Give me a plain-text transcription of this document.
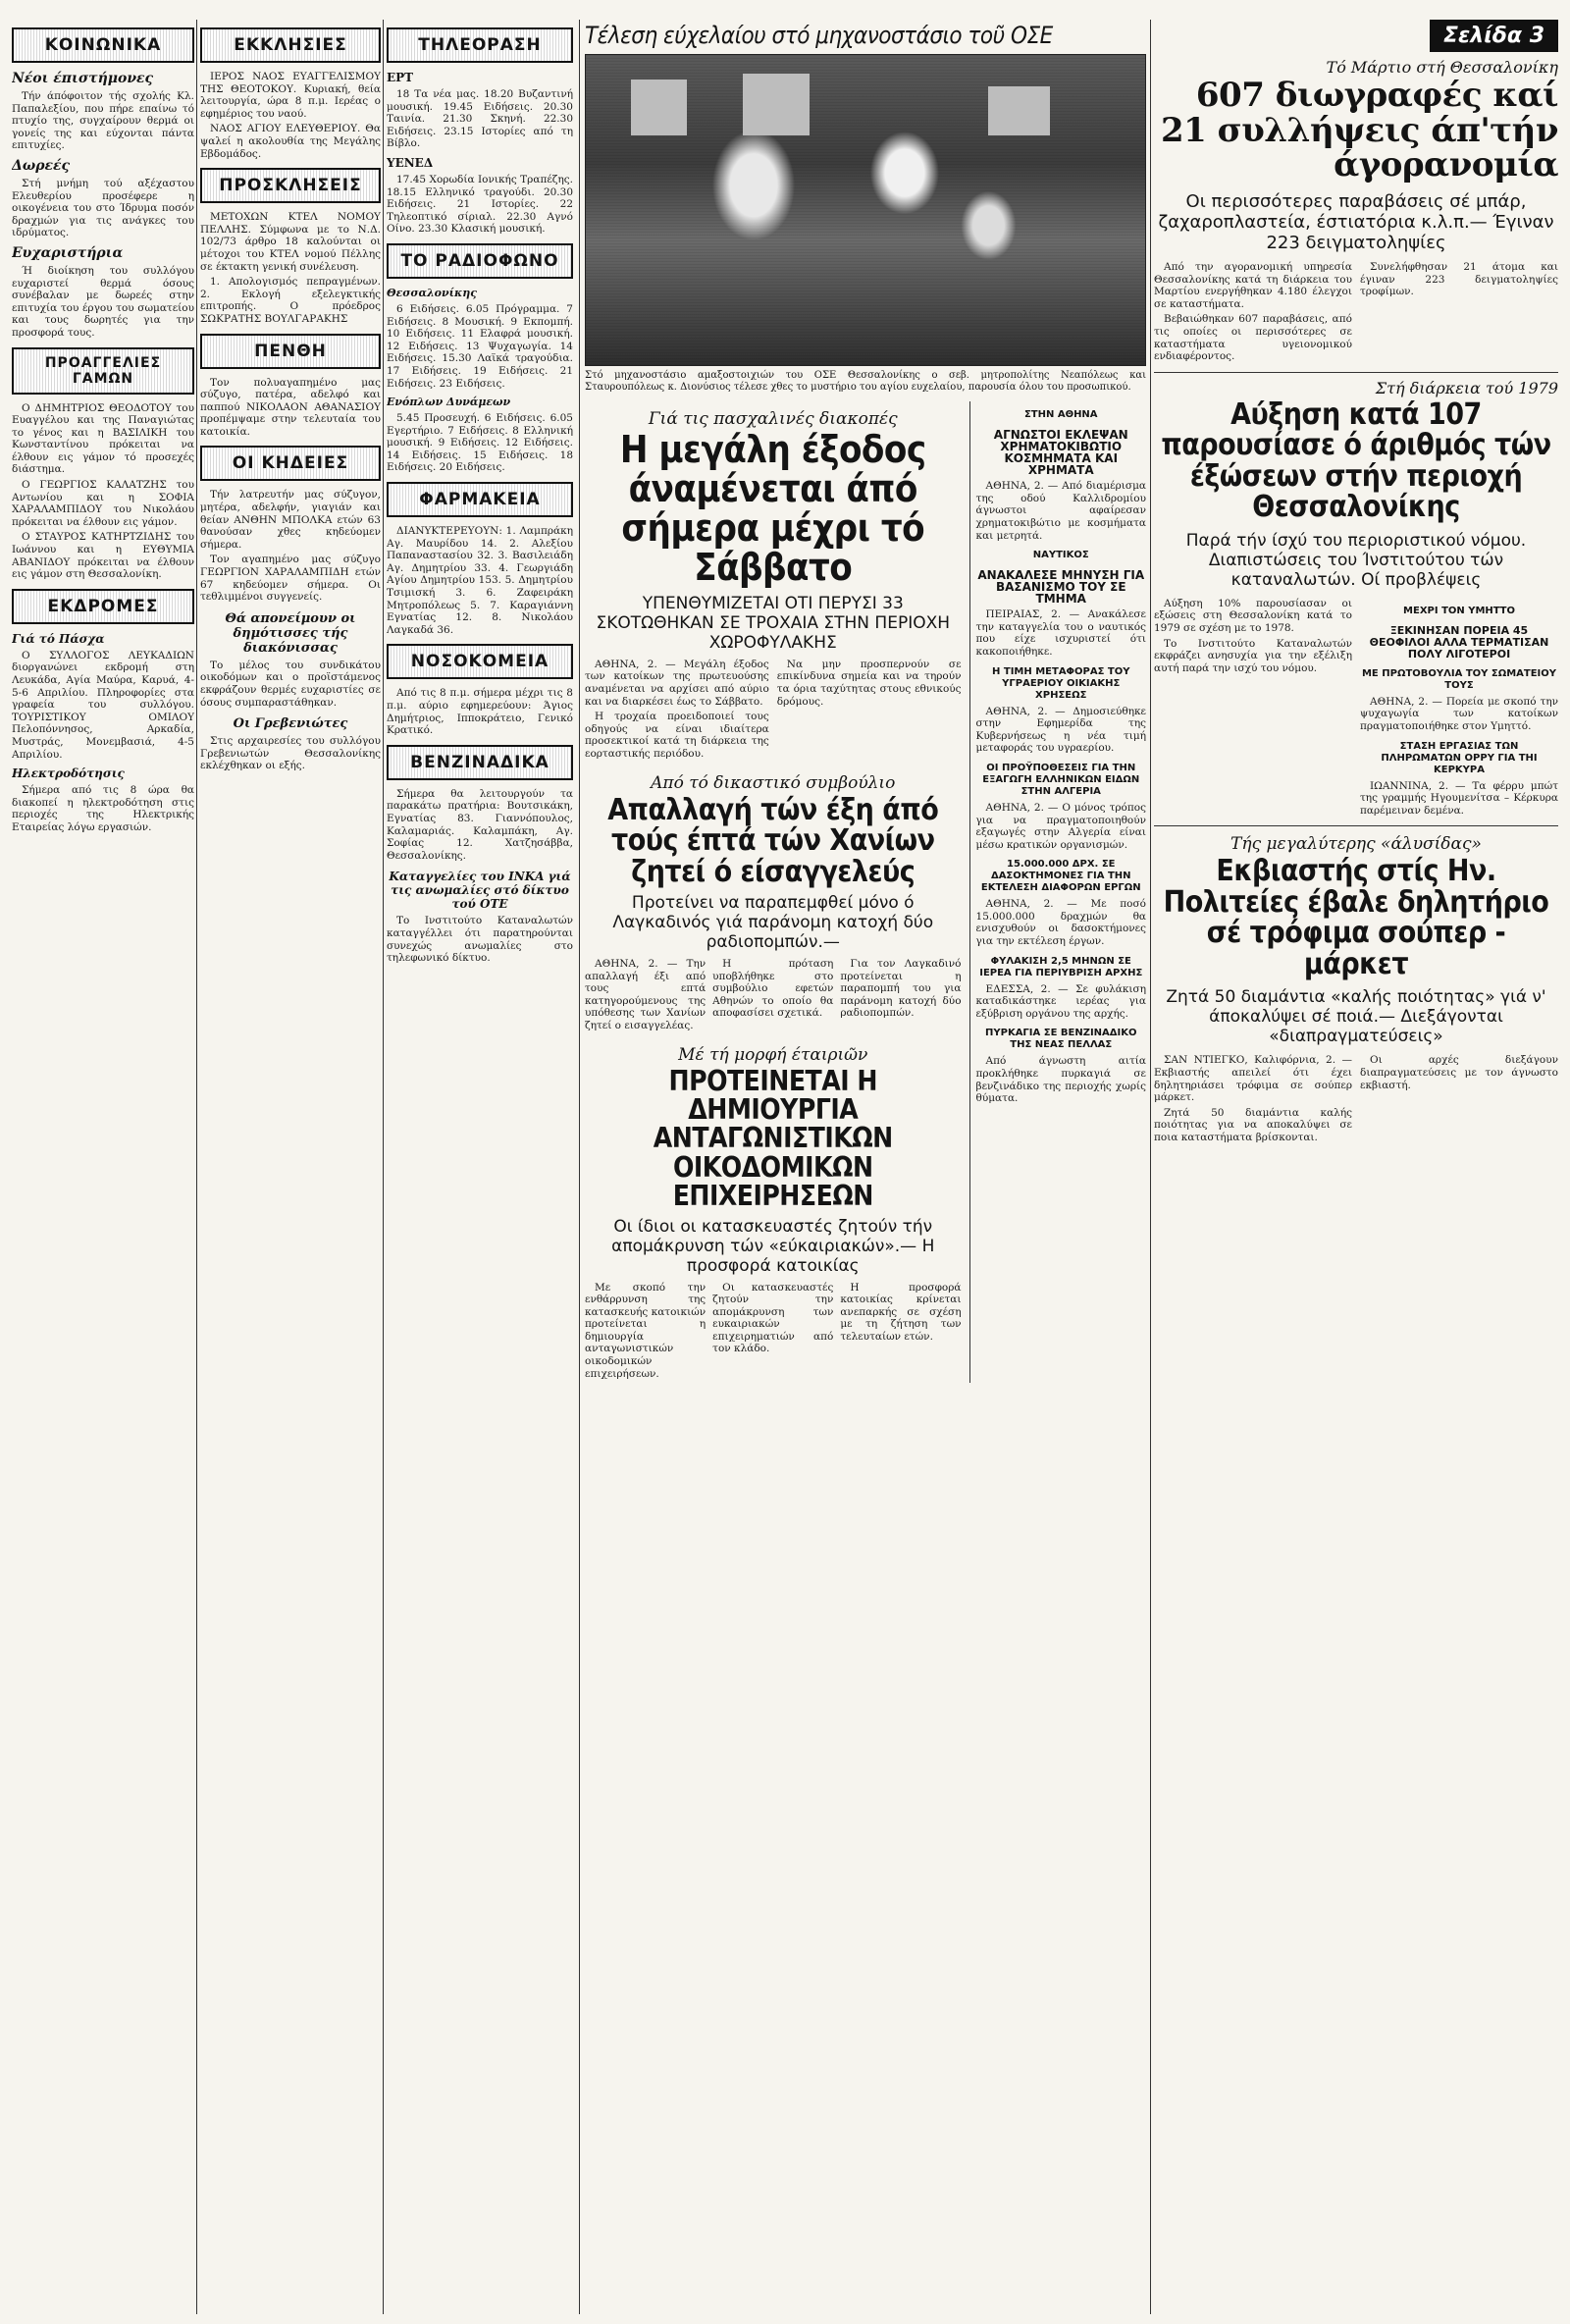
ΚΟΙΝΩΝΙΚΑ
Νέοι έπιστήμονες

Τήν άπόφοιτον τής σχολής Κλ. Παπαλεξίου, που πήρε επαίνω τό πτυχίο της, συγχαίρουν θερμά οι γονείς της και εύχονται πάντα επιτυχίες.

Δωρεές

Στή μνήμη τού αξέχαστου Ελευθερίου προσέφερε η οικογένεια του στο Ίδρυμα ποσόν δραχμών για τις ανάγκες του ιδρύματος.

Ευχαριστήρια

Ή διοίκηση του συλλόγου ευχαριστεί θερμά όσους συνέβαλαν με δωρεές στην επιτυχία του έργου του σωματείου και τους δωρητές για την προσφορά τους.

ΠΡΟΑΓΓΕΛΙΕΣ ΓΑΜΩΝ

Ο ΔΗΜΗΤΡΙΟΣ ΘΕΟΔΟΤΟΥ του Ευαγγέλου και της Παναγιώτας το γένος και η ΒΑΣΙΛΙΚΗ του Κωνσταντίνου πρόκειται να έλθουν εις γάμον τό προσεχές διάστημα.

Ο ΓΕΩΡΓΙΟΣ ΚΑΛΑΤΖΗΣ του Αντωνίου και η ΣΟΦΙΑ ΧΑΡΑΛΑΜΠΙΔΟΥ του Νικολάου πρόκειται να έλθουν εις γάμον.

Ο ΣΤΑΥΡΟΣ ΚΑΤΗΡΤΖΙΔΗΣ του Ιωάννου και η ΕΥΘΥΜΙΑ ΑΒΑΝΙΔΟΥ πρόκειται να έλθουν εις γάμον στη Θεσσαλονίκη.

ΕΚΔΡΟΜΕΣ
Γιά τό Πάσχα

Ο ΣΥΛΛΟΓΟΣ ΛΕΥΚΑΔΙΩΝ διοργανώνει εκδρομή στη Λευκάδα, Αγία Μαύρα, Καρυά, 4-5-6 Απριλίου. Πληροφορίες στα γραφεία του συλλόγου. ΤΟΥΡΙΣΤΙΚΟΥ ΟΜΙΛΟΥ Πελοπόννησος, Αρκαδία, Μυστράς, Μονεμβασιά, 4-5 Απριλίου.

Ηλεκτροδότησις

Σήμερα από τις 8 ώρα θα διακοπεί η ηλεκτροδότηση στις περιοχές της Ηλεκτρικής Εταιρείας λόγω εργασιών.

ΕΚΚΛΗΣΙΕΣ

ΙΕΡΟΣ ΝΑΟΣ ΕΥΑΓΓΕΛΙΣΜΟΥ ΤΗΣ ΘΕΟΤΟΚΟΥ. Κυριακή, θεία λειτουργία, ώρα 8 π.μ. Ιερέας ο εφημέριος του ναού.

ΝΑΟΣ ΑΓΙΟΥ ΕΛΕΥΘΕΡΙΟΥ. Θα ψαλεί η ακολουθία της Μεγάλης Εβδομάδος.

ΠΡΟΣΚΛΗΣΕΙΣ

ΜΕΤΟΧΩΝ ΚΤΕΛ ΝΟΜΟΥ ΠΕΛΛΗΣ. Σύμφωνα με το Ν.Δ. 102/73 άρθρο 18 καλούνται οι μέτοχοι του ΚΤΕΛ νομού Πέλλης σε έκτακτη γενική συνέλευση.

1. Απολογισμός πεπραγμένων. 2. Εκλογή εξελεγκτικής επιτροπής. Ο πρόεδρος ΣΩΚΡΑΤΗΣ ΒΟΥΛΓΑΡΑΚΗΣ

ΠΕΝΘΗ

Τον πολυαγαπημένο μας σύζυγο, πατέρα, αδελφό και παππού ΝΙΚΟΛΑΟΝ ΑΘΑΝΑΣΙΟΥ προπέμψαμε στην τελευταία του κατοικία.

ΟΙ ΚΗΔΕΙΕΣ

Τήν λατρευτήν μας σύζυγον, μητέρα, αδελφήν, γιαγιάν και θείαν ΑΝΘΗΝ ΜΠΟΛΚΑ ετών 63 θανούσαν χθες κηδεύομεν σήμερα.

Τον αγαπημένο μας σύζυγο ΓΕΩΡΓΙΟΝ ΧΑΡΑΛΑΜΠΙΔΗ ετών 67 κηδεύομεν σήμερα. Οι τεθλιμμένοι συγγενείς.

Θά απονείμουν οι δημότισσες τής διακόνισσας

Το μέλος του συνδικάτου οικοδόμων και ο προϊστάμενος εκφράζουν θερμές ευχαριστίες σε όσους συμπαραστάθηκαν.

Οι Γρεβενιώτες

Στις αρχαιρεσίες του συλλόγου Γρεβενιωτών Θεσσαλονίκης εκλέχθηκαν οι εξής.

ΤΗΛΕΟΡΑΣΗ
ΕΡΤ

18 Τα νέα μας. 18.20 Βυζαντινή μουσική. 19.45 Ειδήσεις. 20.30 Ταινία. 21.30 Σκηνή. 22.30 Ειδήσεις. 23.15 Ιστορίες από τη Βίβλο.

ΥΕΝΕΔ

17.45 Χορωδία Ιονικής Τραπέζης. 18.15 Ελληνικό τραγούδι. 20.30 Ειδήσεις. 21 Ιστορίες. 22 Τηλεοπτικό σίριαλ. 22.30 Αγνό Οίνο. 23.30 Κλασική μουσική.

ΤΟ ΡΑΔΙΟΦΩΝΟ
Θεσσαλονίκης

6 Ειδήσεις. 6.05 Πρόγραμμα. 7 Ειδήσεις. 8 Μουσική. 9 Εκπομπή. 10 Ειδήσεις. 11 Ελαφρά μουσική. 12 Ειδήσεις. 13 Ψυχαγωγία. 14 Ειδήσεις. 15.30 Λαϊκά τραγούδια. 17 Ειδήσεις. 19 Ειδήσεις. 21 Ειδήσεις. 23 Ειδήσεις.

Ενόπλων Δυνάμεων

5.45 Προσευχή. 6 Ειδήσεις. 6.05 Εγερτήριο. 7 Ειδήσεις. 8 Ελληνική μουσική. 9 Ειδήσεις. 12 Ειδήσεις. 14 Ειδήσεις. 15 Ειδήσεις. 18 Ειδήσεις. 20 Ειδήσεις.

ΦΑΡΜΑΚΕΙΑ

ΔΙΑΝΥΚΤΕΡΕΥΟΥΝ: 1. Λαμπράκη Αγ. Μαυρίδου 14. 2. Αλεξίου Παπαναστασίου 32. 3. Βασιλειάδη Αγ. Δημητρίου 33. 4. Γεωργιάδη Αγίου Δημητρίου 153. 5. Δημητρίου Τσιμισκή 3. 6. Ζαφειράκη Μητροπόλεως 5. 7. Καραγιάννη Εγνατίας 12. 8. Νικολάου Λαγκαδά 36.

ΝΟΣΟΚΟΜΕΙΑ

Από τις 8 π.μ. σήμερα μέχρι τις 8 π.μ. αύριο εφημερεύουν: Άγιος Δημήτριος, Ιπποκράτειο, Γενικό Κρατικό.

ΒΕΝΖΙΝΑΔΙΚΑ

Σήμερα θα λειτουργούν τα παρακάτω πρατήρια: Βουτσικάκη, Εγνατίας 83. Γιαννόπουλος, Καλαμαριάς. Καλαμπάκη, Αγ. Σοφίας 12. Χατζησάββα, Θεσσαλονίκης.

Καταγγελίες του ΙΝΚΑ γιά τις ανωμαλίες στό δίκτυο τού ΟΤΕ

Το Ινστιτούτο Καταναλωτών καταγγέλλει ότι παρατηρούνται συνεχώς ανωμαλίες στο τηλεφωνικό δίκτυο.

Τέλεση εύχελαίου στό μηχανοστάσιο τοῦ ΟΣΕ
Στό μηχανοστάσιο αμαξοστοιχιών του ΟΣΕ Θεσσαλονίκης ο σεβ. μητροπολίτης Νεαπόλεως και Σταυρουπόλεως κ. Διονύσιος τέλεσε χθες το μυστήριο του αγίου ευχελαίου, παρουσία όλου του προσωπικού.
Γιά τις πασχαλινές διακοπές
Η μεγάλη έξοδος άναμένεται άπό σήμερα μέχρι τό Σάββατο
ΥΠΕΝΘΥΜΙΖΕΤΑΙ ΟΤΙ ΠΕΡΥΣΙ 33 ΣΚΟΤΩΘΗΚΑΝ ΣΕ ΤΡΟΧΑΙΑ ΣΤΗΝ ΠΕΡΙΟΧΗ ΧΩΡΟΦΥΛΑΚΗΣ

ΑΘΗΝΑ, 2. — Μεγάλη έξοδος των κατοίκων της πρωτευούσης αναμένεται να αρχίσει από αύριο και να διαρκέσει έως το Σάββατο.

Η τροχαία προειδοποιεί τους οδηγούς να είναι ιδιαίτερα προσεκτικοί κατά τη διάρκεια της εορταστικής περιόδου.

Να μην προσπερνούν σε επικίνδυνα σημεία και να τηρούν τα όρια ταχύτητας στους εθνικούς δρόμους.

Από τό δικαστικό συμβούλιο
Απαλλαγή τών έξη άπό τούς έπτά τών Χανίων ζητεί ό είσαγγελεύς
Προτείνει να παραπεμφθεί μόνο ό Λαγκαδινός γιά παράνομη κατοχή δύο ραδιοπομπών.—

ΑΘΗΝΑ, 2. — Την απαλλαγή έξι από τους επτά κατηγορούμενους της υπόθεσης των Χανίων ζητεί ο εισαγγελέας.

Η πρόταση υποβλήθηκε στο συμβούλιο εφετών Αθηνών το οποίο θα αποφασίσει σχετικά.

Για τον Λαγκαδινό προτείνεται η παραπομπή του για παράνομη κατοχή δύο ραδιοπομπών.

Μέ τή μορφή έταιριῶν
ΠΡΟΤΕΙΝΕΤΑΙ Η ΔΗΜΙΟΥΡΓΙΑ ΑΝΤΑΓΩΝΙΣΤΙΚΩΝ ΟΙΚΟΔΟΜΙΚΩΝ ΕΠΙΧΕΙΡΗΣΕΩΝ
Οι ίδιοι οι κατασκευαστές ζητούν τήν απομάκρυνση τών «εύκαιριακών».— Η προσφορά κατοικίας

Με σκοπό την ενθάρρυνση της κατασκευής κατοικιών προτείνεται η δημιουργία ανταγωνιστικών οικοδομικών επιχειρήσεων.

Οι κατασκευαστές ζητούν την απομάκρυνση των ευκαιριακών επιχειρηματιών από τον κλάδο.

Η προσφορά κατοικίας κρίνεται ανεπαρκής σε σχέση με τη ζήτηση των τελευταίων ετών.

ΣΤΗΝ ΑΘΗΝΑ
ΑΓΝΩΣΤΟΙ ΕΚΛΕΨΑΝ ΧΡΗΜΑΤΟΚΙΒΩΤΙΟ ΚΟΣΜΗΜΑΤΑ ΚΑΙ ΧΡΗΜΑΤΑ

ΑΘΗΝΑ, 2. — Από διαμέρισμα της οδού Καλλιδρομίου άγνωστοι αφαίρεσαν χρηματοκιβώτιο με κοσμήματα και μετρητά.

ΝΑΥΤΙΚΟΣ
ΑΝΑΚΑΛΕΣΕ ΜΗΝΥΣΗ ΓΙΑ ΒΑΣΑΝΙΣΜΟ ΤΟΥ ΣΕ ΤΜΗΜΑ

ΠΕΙΡΑΙΑΣ, 2. — Ανακάλεσε την καταγγελία του ο ναυτικός που είχε ισχυριστεί ότι κακοποιήθηκε.

Η ΤΙΜΗ ΜΕΤΑΦΟΡΑΣ ΤΟΥ ΥΓΡΑΕΡΙΟΥ ΟΙΚΙΑΚΗΣ ΧΡΗΣΕΩΣ

ΑΘΗΝΑ, 2. — Δημοσιεύθηκε στην Εφημερίδα της Κυβερνήσεως η νέα τιμή μεταφοράς του υγραερίου.

ΟΙ ΠΡΟΫΠΟΘΕΣΕΙΣ ΓΙΑ ΤΗΝ ΕΞΑΓΩΓΗ ΕΛΛΗΝΙΚΩΝ ΕΙΔΩΝ ΣΤΗΝ ΑΛΓΕΡΙΑ

ΑΘΗΝΑ, 2. — Ο μόνος τρόπος για να πραγματοποιηθούν εξαγωγές στην Αλγερία είναι μέσω κρατικών οργανισμών.

15.000.000 ΔΡΧ. ΣΕ ΔΑΣΟΚΤΗΜΟΝΕΣ ΓΙΑ ΤΗΝ ΕΚΤΕΛΕΣΗ ΔΙΑΦΟΡΩΝ ΕΡΓΩΝ

ΑΘΗΝΑ, 2. — Με ποσό 15.000.000 δραχμών θα ενισχυθούν οι δασοκτήμονες για την εκτέλεση έργων.

ΦΥΛΑΚΙΣΗ 2,5 ΜΗΝΩΝ ΣΕ ΙΕΡΕΑ ΓΙΑ ΠΕΡΙΥΒΡΙΣΗ ΑΡΧΗΣ

ΕΔΕΣΣΑ, 2. — Σε φυλάκιση καταδικάστηκε ιερέας για εξύβριση οργάνου της αρχής.

ΠΥΡΚΑΓΙΑ ΣΕ ΒΕΝΖΙΝΑΔΙΚΟ ΤΗΣ ΝΕΑΣ ΠΕΛΛΑΣ

Από άγνωστη αιτία προκλήθηκε πυρκαγιά σε βενζινάδικο της περιοχής χωρίς θύματα.

Σελίδα 3
Τό Μάρτιο στή Θεσσαλονίκη
607 διωγραφές καί 21 συλλήψεις άπ'τήν άγορανομία
Οι περισσότερες παραβάσεις σέ μπάρ, ζαχαροπλαστεία, έστιατόρια κ.λ.π.— Έγιναν 223 δειγματοληψίες

Από την αγορανομική υπηρεσία Θεσσαλονίκης κατά τη διάρκεια του Μαρτίου ενεργήθηκαν 4.180 έλεγχοι σε καταστήματα.

Βεβαιώθηκαν 607 παραβάσεις, από τις οποίες οι περισσότερες σε καταστήματα υγειονομικού ενδιαφέροντος.

Συνελήφθησαν 21 άτομα και έγιναν 223 δειγματοληψίες τροφίμων.

Στή διάρκεια τού 1979
Αύξηση κατά 107 παρουσίασε ό άριθμός τών έξώσεων στήν περιοχή Θεσσαλονίκης
Παρά τήν ίσχύ του περιοριστικού νόμου. Διαπιστώσεις του Ίνστιτούτου τών καταναλωτών. Οί προβλέψεις

Αύξηση 10% παρουσίασαν οι εξώσεις στη Θεσσαλονίκη κατά το 1979 σε σχέση με το 1978.

Το Ινστιτούτο Καταναλωτών εκφράζει ανησυχία για την εξέλιξη αυτή παρά την ισχύ του νόμου.

ΜΕΧΡΙ ΤΟΝ ΥΜΗΤΤΟ
ΞΕΚΙΝΗΣΑΝ ΠΟΡΕΙΑ 45 ΘΕΟΦΙΛΟΙ ΑΛΛΑ ΤΕΡΜΑΤΙΣΑΝ ΠΟΛΥ ΛΙΓΟΤΕΡΟΙ
ΜΕ ΠΡΩΤΟΒΟΥΛΙΑ ΤΟΥ ΣΩΜΑΤΕΙΟΥ ΤΟΥΣ

ΑΘΗΝΑ, 2. — Πορεία με σκοπό την ψυχαγωγία των κατοίκων πραγματοποιήθηκε στον Υμηττό.

ΣΤΑΣΗ ΕΡΓΑΣΙΑΣ ΤΩΝ ΠΛΗΡΩΜΑΤΩΝ ΟΡΡΥ ΓΙΑ ΤΗΙ ΚΕΡΚΥΡΑ

ΙΩΑΝΝΙΝΑ, 2. — Τα φέρρυ μπώτ της γραμμής Ηγουμενίτσα – Κέρκυρα παρέμειναν δεμένα.

Τής μεγαλύτερης «άλυσίδας»
Εκβιαστής στίς Ην. Πολιτείες έβαλε δηλητήριο σέ τρόφιμα σούπερ - μάρκετ
Ζητά 50 διαμάντια «καλής ποιότητας» γιά ν' άποκαλύψει σέ ποιά.— Διεξάγονται «διαπραγματεύσεις»

ΣΑΝ ΝΤΙΕΓΚΟ, Καλιφόρνια, 2. — Εκβιαστής απειλεί ότι έχει δηλητηριάσει τρόφιμα σε σούπερ μάρκετ.

Ζητά 50 διαμάντια καλής ποιότητας για να αποκαλύψει σε ποια καταστήματα βρίσκονται.

Οι αρχές διεξάγουν διαπραγματεύσεις με τον άγνωστο εκβιαστή.
